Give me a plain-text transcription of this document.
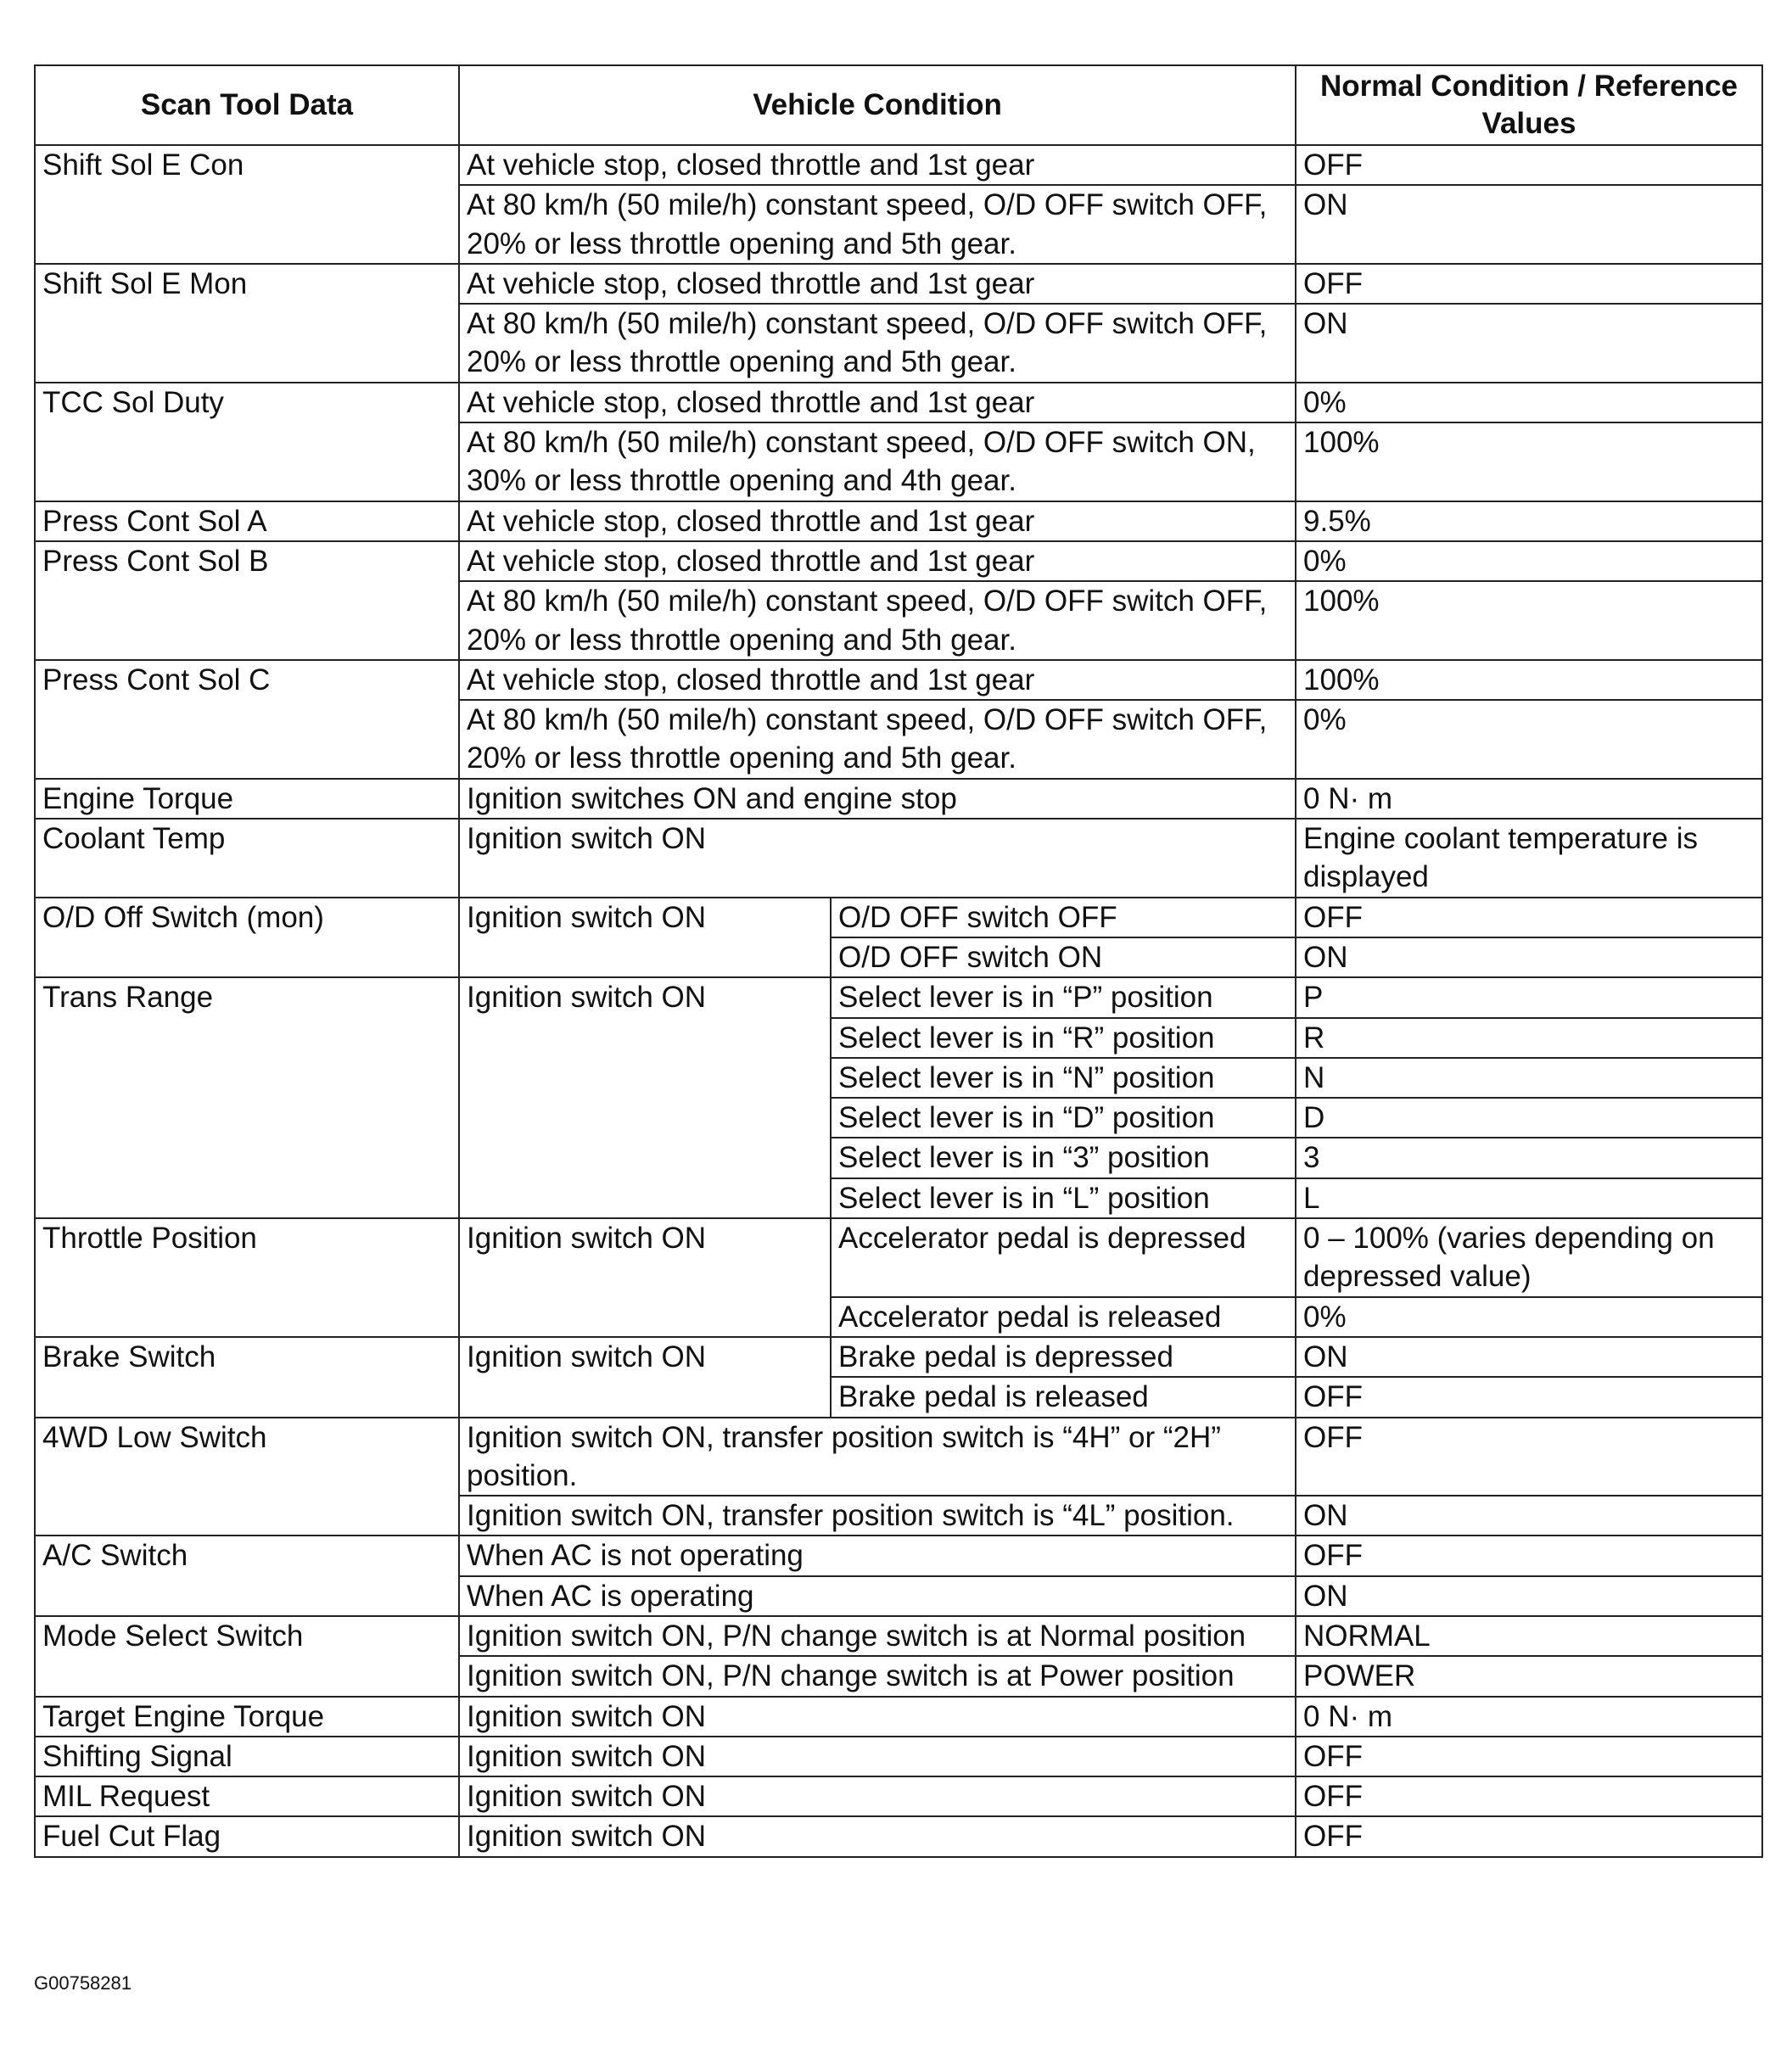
Scan Tool Data	Vehicle Condition		Normal Condition / Reference Values
Shift Sol E Con	At vehicle stop, closed throttle and 1st gear		OFF
	At 80 km/h (50 mile/h) constant speed, O/D OFF switch OFF, 20% or less throttle opening and 5th gear.		ON
Shift Sol E Mon	At vehicle stop, closed throttle and 1st gear		OFF
	At 80 km/h (50 mile/h) constant speed, O/D OFF switch OFF, 20% or less throttle opening and 5th gear.		ON
TCC Sol Duty	At vehicle stop, closed throttle and 1st gear		0%
	At 80 km/h (50 mile/h) constant speed, O/D OFF switch ON, 30% or less throttle opening and 4th gear.		100%
Press Cont Sol A	At vehicle stop, closed throttle and 1st gear		9.5%
Press Cont Sol B	At vehicle stop, closed throttle and 1st gear		0%
	At 80 km/h (50 mile/h) constant speed, O/D OFF switch OFF, 20% or less throttle opening and 5th gear.		100%
Press Cont Sol C	At vehicle stop, closed throttle and 1st gear		100%
	At 80 km/h (50 mile/h) constant speed, O/D OFF switch OFF, 20% or less throttle opening and 5th gear.		0%
Engine Torque	Ignition switches ON and engine stop		0 N· m
Coolant Temp	Ignition switch ON		Engine coolant temperature is displayed
O/D Off Switch (mon)	Ignition switch ON	O/D OFF switch OFF	OFF
		O/D OFF switch ON	ON
Trans Range	Ignition switch ON	Select lever is in “P” position	P
		Select lever is in “R” position	R
		Select lever is in “N” position	N
		Select lever is in “D” position	D
		Select lever is in “3” position	3
		Select lever is in “L” position	L
Throttle Position	Ignition switch ON	Accelerator pedal is depressed	0 – 100% (varies depending on depressed value)
		Accelerator pedal is released	0%
Brake Switch	Ignition switch ON	Brake pedal is depressed	ON
		Brake pedal is released	OFF
4WD Low Switch	Ignition switch ON, transfer position switch is “4H” or “2H” position.		OFF
	Ignition switch ON, transfer position switch is “4L” position.		ON
A/C Switch	When AC is not operating		OFF
	When AC is operating		ON
Mode Select Switch	Ignition switch ON, P/N change switch is at Normal position		NORMAL
	Ignition switch ON, P/N change switch is at Power position		POWER
Target Engine Torque	Ignition switch ON		0 N· m
Shifting Signal	Ignition switch ON		OFF
MIL Request	Ignition switch ON		OFF
Fuel Cut Flag	Ignition switch ON		OFF
G00758281
